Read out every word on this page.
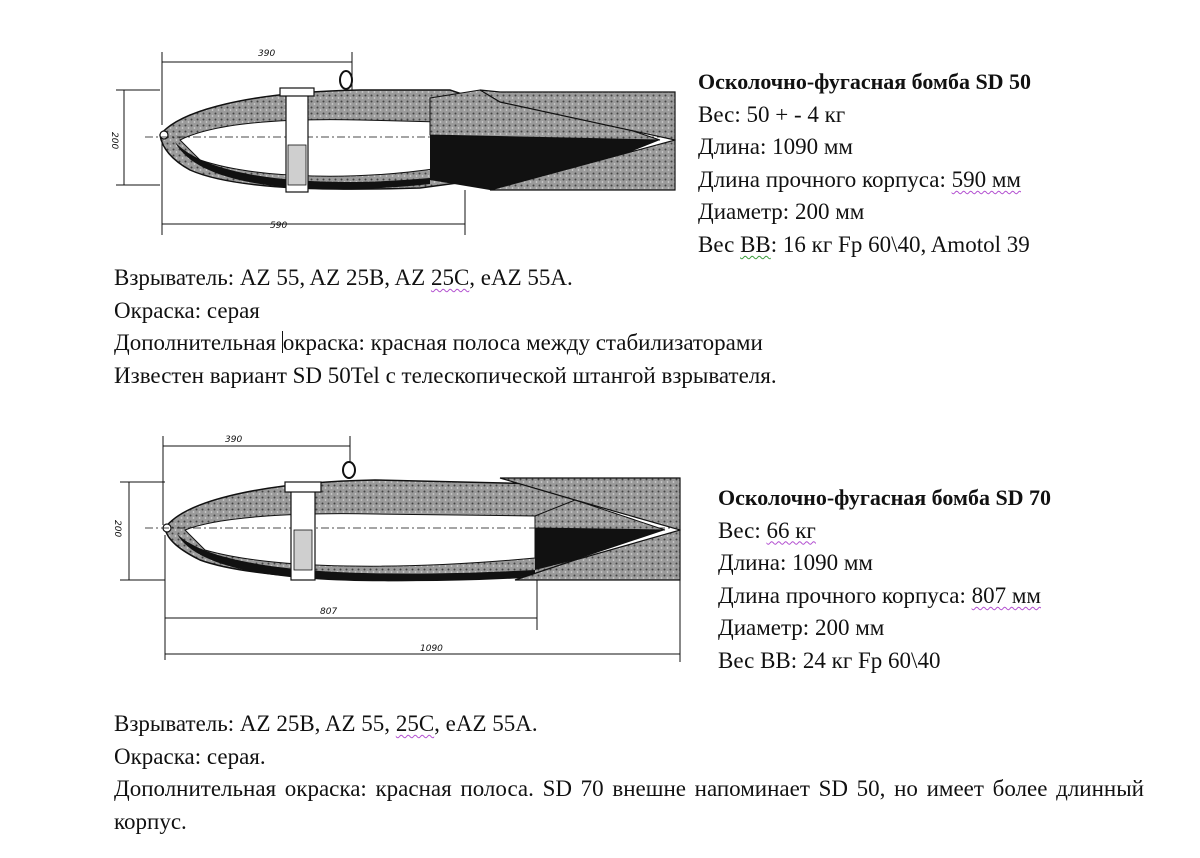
390
200
590
Осколочно-фугасная бомба SD 50
Вес: 50 + - 4 кг
Длина: 1090 мм
Длина прочного корпуса: 590 мм
Диаметр: 200 мм
Вес ВВ: 16 кг Fp 60\40, Amotol 39
Взрыватель: AZ 55, AZ 25B, AZ 25C, eAZ 55A.
Окраска: серая
Дополнительная окраска: красная полоса между стабилизаторами
Известен вариант SD 50Tel с телескопической штангой взрывателя.
390
200
807
1090
Осколочно-фугасная бомба SD 70
Вес: 66 кг
Длина: 1090 мм
Длина прочного корпуса: 807 мм
Диаметр: 200 мм
Вес ВВ: 24 кг Fp 60\40
Взрыватель: AZ 25B, AZ 55, 25C, eAZ 55A.
Окраска: серая.
Дополнительная окраска: красная полоса. SD 70 внешне напоминает SD 50, но имеет более длинный корпус.
